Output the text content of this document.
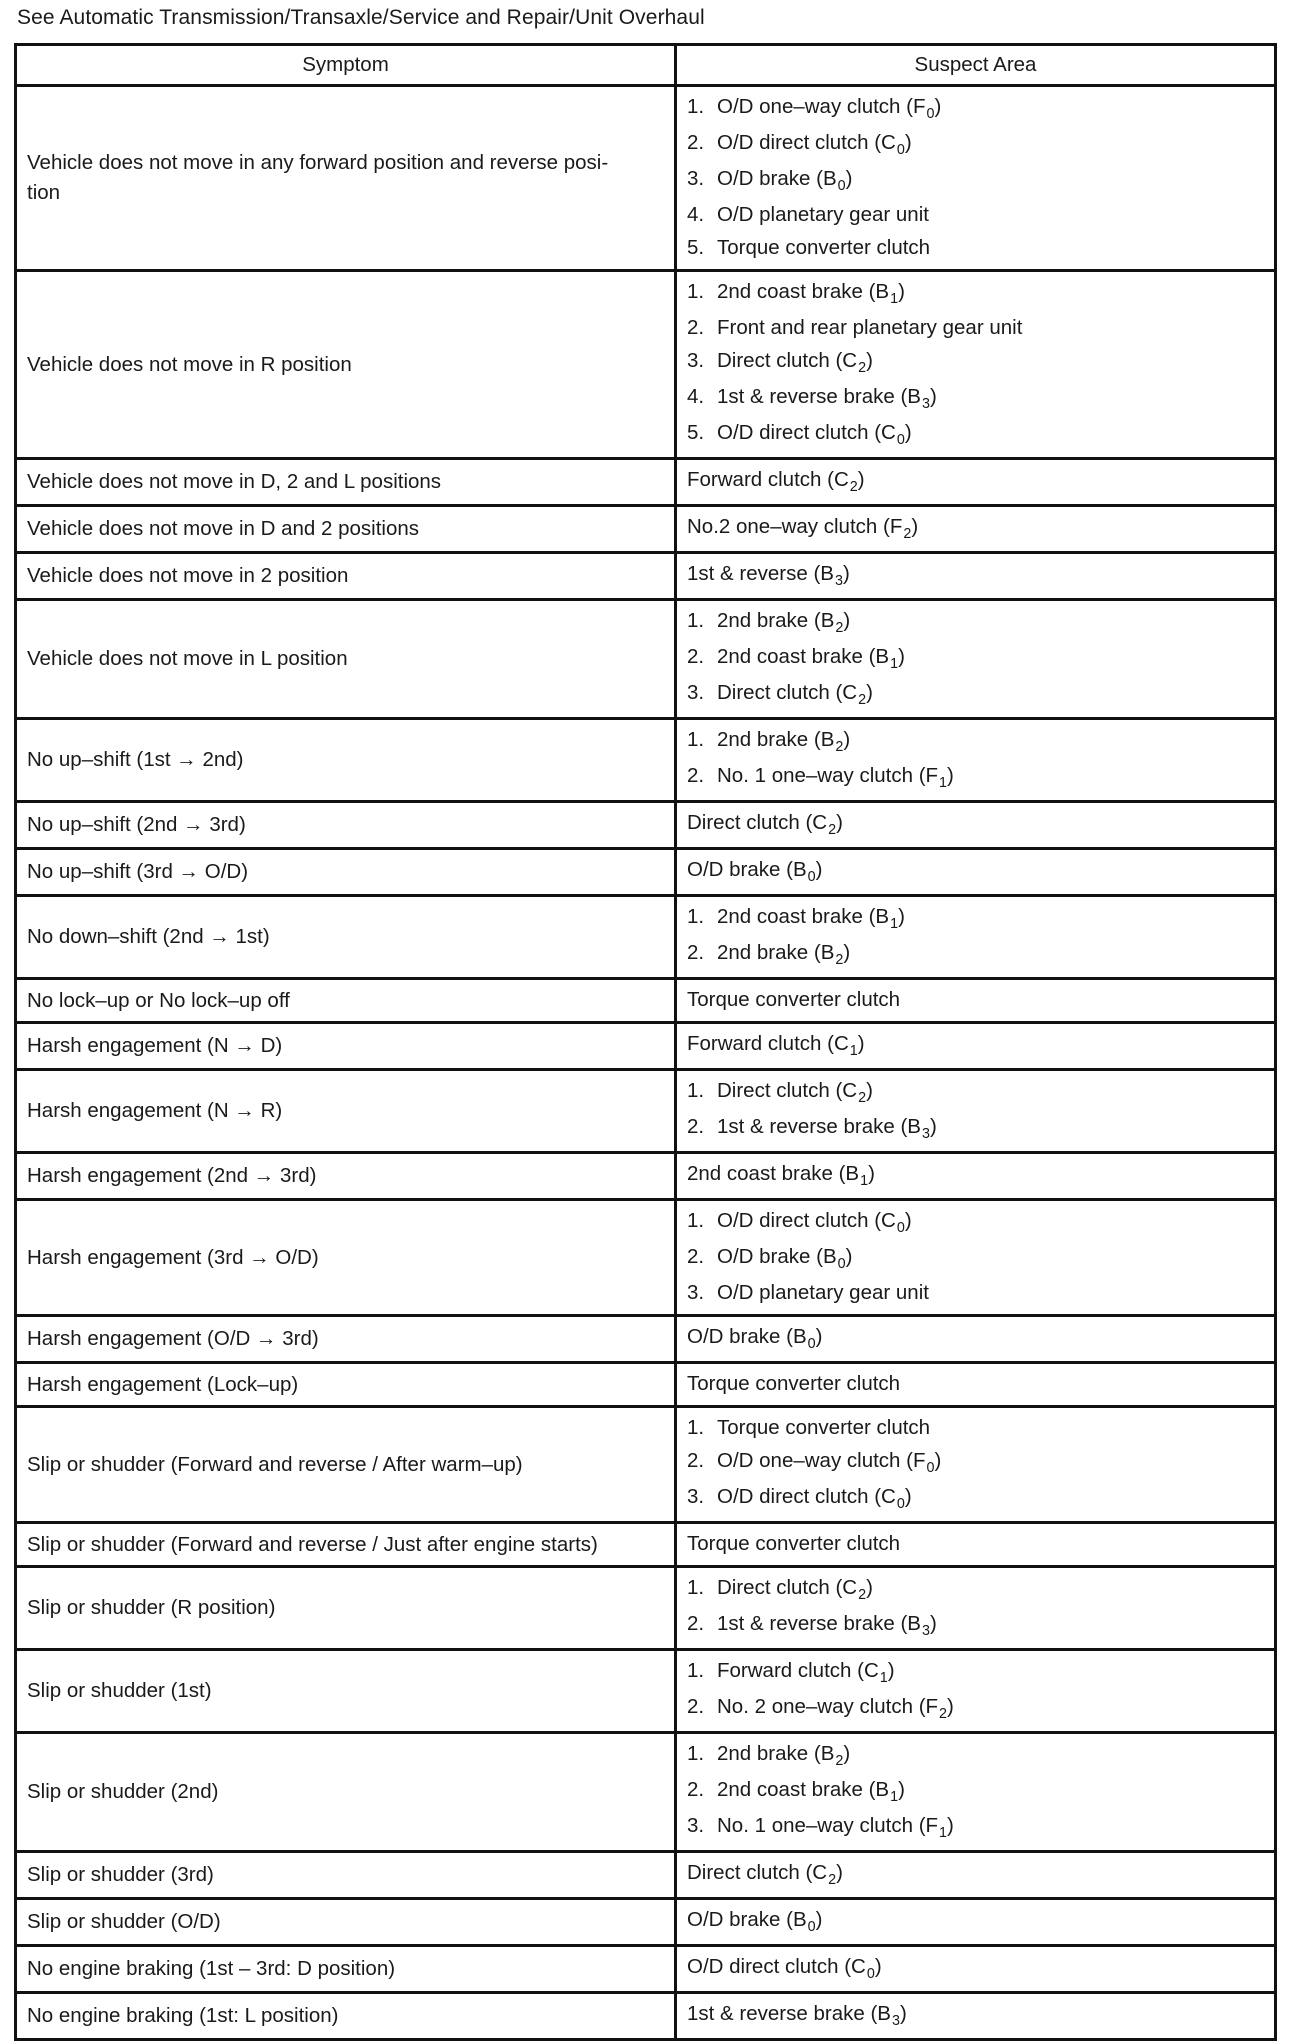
See Automatic Transmission/Transaxle/Service and Repair/Unit Overhaul
Symptom	Suspect Area
Vehicle does not move in any forward position and reverse posi-
tion	1. O/D one–way clutch $(F_0)$
2. O/D direct clutch $(C_0)$
3. O/D brake $(B_0)$
4. O/D planetary gear unit
5. Torque converter clutch

Vehicle does not move in R position	1. 2nd coast brake $(B_1)$
2. Front and rear planetary gear unit
3. Direct clutch $(C_2)$
4. 1st & reverse brake $(B_3)$
5. O/D direct clutch $(C_0)$

Vehicle does not move in D, 2 and L positions	Forward clutch $(C_2)$

Vehicle does not move in D and 2 positions	No.2 one–way clutch $(F_2)$

Vehicle does not move in 2 position	1st & reverse $(B_3)$

Vehicle does not move in L position	1. 2nd brake $(B_2)$
2. 2nd coast brake $(B_1)$
3. Direct clutch $(C_2)$

No up–shift (1st → 2nd)	1. 2nd brake $(B_2)$
2. No. 1 one–way clutch $(F_1)$

No up–shift (2nd → 3rd)	Direct clutch $(C_2)$

No up–shift (3rd → O/D)	O/D brake $(B_0)$

No down–shift (2nd → 1st)	1. 2nd coast brake $(B_1)$
2. 2nd brake $(B_2)$

No lock–up or No lock–up off	Torque converter clutch

Harsh engagement (N → D)	Forward clutch $(C_1)$

Harsh engagement (N → R)	1. Direct clutch $(C_2)$
2. 1st & reverse brake $(B_3)$

Harsh engagement (2nd → 3rd)	2nd coast brake $(B_1)$

Harsh engagement (3rd → O/D)	1. O/D direct clutch $(C_0)$
2. O/D brake $(B_0)$
3. O/D planetary gear unit

Harsh engagement (O/D → 3rd)	O/D brake $(B_0)$

Harsh engagement (Lock–up)	Torque converter clutch

Slip or shudder (Forward and reverse / After warm–up)	1. Torque converter clutch
2. O/D one–way clutch $(F_0)$
3. O/D direct clutch $(C_0)$

Slip or shudder (Forward and reverse / Just after engine starts)	Torque converter clutch

Slip or shudder (R position)	1. Direct clutch $(C_2)$
2. 1st & reverse brake $(B_3)$

Slip or shudder (1st)	1. Forward clutch $(C_1)$
2. No. 2 one–way clutch $(F_2)$

Slip or shudder (2nd)	1. 2nd brake $(B_2)$
2. 2nd coast brake $(B_1)$
3. No. 1 one–way clutch $(F_1)$

Slip or shudder (3rd)	Direct clutch $(C_2)$

Slip or shudder (O/D)	O/D brake $(B_0)$

No engine braking (1st – 3rd: D position)	O/D direct clutch $(C_0)$

No engine braking (1st: L position)	1st & reverse brake $(B_3)$
